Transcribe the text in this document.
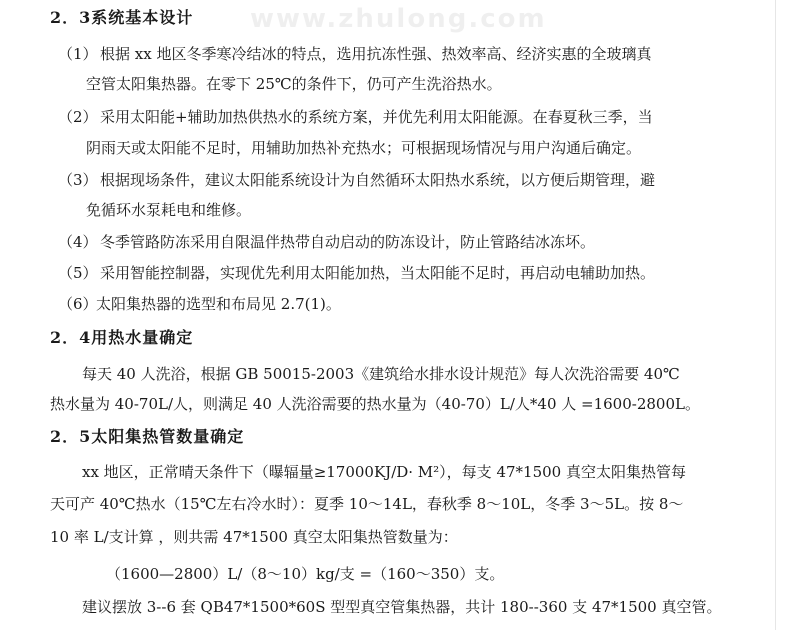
www.zhulong.com
2．3系统基本设计
（1） 根据 xx 地区冬季寒冷结冰的特点，选用抗冻性强、热效率高、经济实惠的全玻璃真
空管太阳集热器。在零下 25℃的条件下，仍可产生洗浴热水。
（2） 采用太阳能+辅助加热供热水的系统方案，并优先利用太阳能源。在春夏秋三季，当
阴雨天或太阳能不足时，用辅助加热补充热水；可根据现场情况与用户沟通后确定。
（3） 根据现场条件，建议太阳能系统设计为自然循环太阳热水系统，以方便后期管理，避
免循环水泵耗电和维修。
（4） 冬季管路防冻采用自限温伴热带自动启动的防冻设计，防止管路结冰冻坏。
（5） 采用智能控制器，实现优先利用太阳能加热，当太阳能不足时，再启动电辅助加热。
（6）
太阳集热器的选型和布局见 2.7(1)。
2．4用热水量确定
每天 40 人洗浴，根据 GB 50015-2003《建筑给水排水设计规范》每人次洗浴需要 40℃
热水量为 40-70L/人，则满足 40 人洗浴需要的热水量为（40-70）L/人*40 人 =1600-2800L。
2．5太阳集热管数量确定
xx 地区，正常晴天条件下（曝辐量≥17000KJ/D· M²），每支 47*1500 真空太阳集热管每
天可产 40℃热水（15℃左右冷水时）：夏季 10～14L，春秋季 8～10L，冬季 3～5L。按 8～
10 率 L/支计算 ，则共需 47*1500 真空太阳集热管数量为：
（1600—2800）L/（8～10）kg/支 =（160～350）支。
建议摆放 3--6 套 QB47*1500*60S 型型真空管集热器，共计 180--360 支 47*1500 真空管。
